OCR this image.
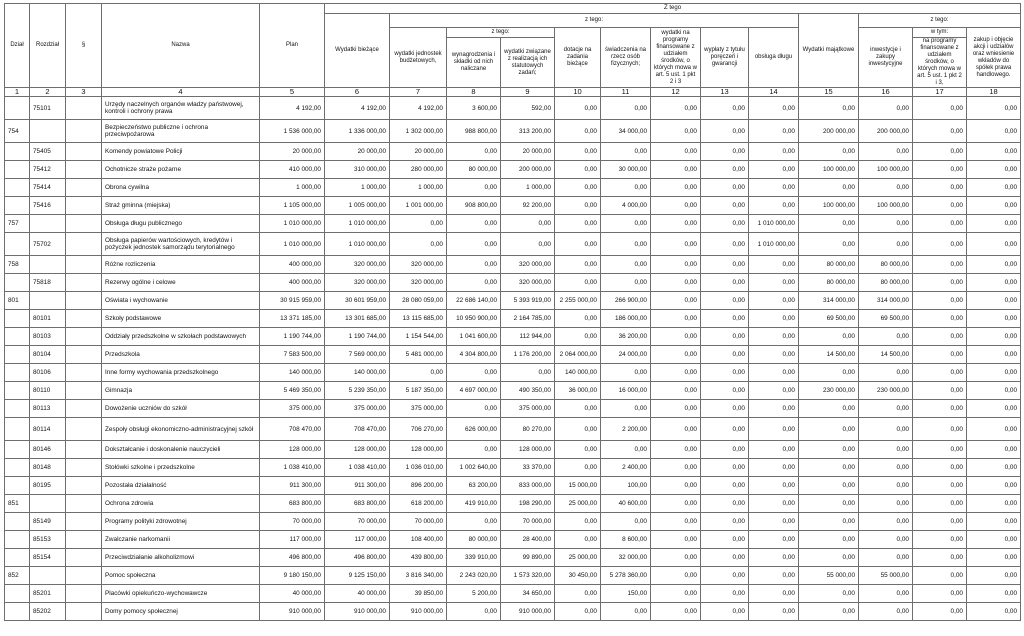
Dział	Rozdział	§	Nazwa	Plan	Z tego												
					Wydatki bieżące	z tego:								Wydatki majątkowe	z tego:		
						wydatki jednostek budżetowych,	z tego:		dotacje na zadania bieżące	świadczenia na rzecz osób fizycznych;	wydatki na programy finansowane z udziałem środków, o których mowa w art. 5 ust. 1 pkt 2 i 3	wypłaty z tytułu poręczeń i gwarancji	obsługa długu		inwestycje i zakupy inwestycyjne	w tym:	zakup i objęcie akcji i udziałów oraz wniesienie wkładów do spółek prawa handlowego.
							wynagrodzenia i składki od nich naliczane	wydatki związane z realizacją ich statutowych zadań;								na programy finansowane z udziałem środków, o których mowa w art. 5 ust. 1 pkt 2 i 3,	

1	2	3	4	5	6	7	8	9	10	11	12	13	14	15	16	17	18
	75101		Urzędy naczelnych organów władzy państwowej, kontroli i ochrony prawa	4 192,00	4 192,00	4 192,00	3 600,00	592,00	0,00	0,00	0,00	0,00	0,00	0,00	0,00	0,00	0,00
754			Bezpieczeństwo publiczne i ochrona przeciwpożarowa	1 536 000,00	1 336 000,00	1 302 000,00	988 800,00	313 200,00	0,00	34 000,00	0,00	0,00	0,00	200 000,00	200 000,00	0,00	0,00
	75405		Komendy powiatowe Policji	20 000,00	20 000,00	20 000,00	0,00	20 000,00	0,00	0,00	0,00	0,00	0,00	0,00	0,00	0,00	0,00
	75412		Ochotnicze straże pożarne	410 000,00	310 000,00	280 000,00	80 000,00	200 000,00	0,00	30 000,00	0,00	0,00	0,00	100 000,00	100 000,00	0,00	0,00
	75414		Obrona cywilna	1 000,00	1 000,00	1 000,00	0,00	1 000,00	0,00	0,00	0,00	0,00	0,00	0,00	0,00	0,00	0,00
	75416		Straż gminna (miejska)	1 105 000,00	1 005 000,00	1 001 000,00	908 800,00	92 200,00	0,00	4 000,00	0,00	0,00	0,00	100 000,00	100 000,00	0,00	0,00
757			Obsługa długu publicznego	1 010 000,00	1 010 000,00	0,00	0,00	0,00	0,00	0,00	0,00	0,00	1 010 000,00	0,00	0,00	0,00	0,00
	75702		Obsługa papierów wartościowych, kredytów i pożyczek jednostek samorządu terytorialnego	1 010 000,00	1 010 000,00	0,00	0,00	0,00	0,00	0,00	0,00	0,00	1 010 000,00	0,00	0,00	0,00	0,00
758			Różne rozliczenia	400 000,00	320 000,00	320 000,00	0,00	320 000,00	0,00	0,00	0,00	0,00	0,00	80 000,00	80 000,00	0,00	0,00
	75818		Rezerwy ogólne i celowe	400 000,00	320 000,00	320 000,00	0,00	320 000,00	0,00	0,00	0,00	0,00	0,00	80 000,00	80 000,00	0,00	0,00
801			Oświata i wychowanie	30 915 959,00	30 601 959,00	28 080 059,00	22 686 140,00	5 393 919,00	2 255 000,00	266 900,00	0,00	0,00	0,00	314 000,00	314 000,00	0,00	0,00
	80101		Szkoły podstawowe	13 371 185,00	13 301 685,00	13 115 685,00	10 950 900,00	2 164 785,00	0,00	186 000,00	0,00	0,00	0,00	69 500,00	69 500,00	0,00	0,00
	80103		Oddziały przedszkolne w szkołach podstawowych	1 190 744,00	1 190 744,00	1 154 544,00	1 041 600,00	112 944,00	0,00	36 200,00	0,00	0,00	0,00	0,00	0,00	0,00	0,00
	80104		Przedszkola	7 583 500,00	7 569 000,00	5 481 000,00	4 304 800,00	1 176 200,00	2 064 000,00	24 000,00	0,00	0,00	0,00	14 500,00	14 500,00	0,00	0,00
	80106		Inne formy wychowania przedszkolnego	140 000,00	140 000,00	0,00	0,00	0,00	140 000,00	0,00	0,00	0,00	0,00	0,00	0,00	0,00	0,00
	80110		Gimnazja	5 469 350,00	5 239 350,00	5 187 350,00	4 697 000,00	490 350,00	36 000,00	16 000,00	0,00	0,00	0,00	230 000,00	230 000,00	0,00	0,00
	80113		Dowożenie uczniów do szkół	375 000,00	375 000,00	375 000,00	0,00	375 000,00	0,00	0,00	0,00	0,00	0,00	0,00	0,00	0,00	0,00
	80114		Zespoły obsługi ekonomiczno-administracyjnej szkół	708 470,00	708 470,00	706 270,00	626 000,00	80 270,00	0,00	2 200,00	0,00	0,00	0,00	0,00	0,00	0,00	0,00
	80146		Dokształcanie i doskonalenie nauczycieli	128 000,00	128 000,00	128 000,00	0,00	128 000,00	0,00	0,00	0,00	0,00	0,00	0,00	0,00	0,00	0,00
	80148		Stołówki szkolne i przedszkolne	1 038 410,00	1 038 410,00	1 036 010,00	1 002 640,00	33 370,00	0,00	2 400,00	0,00	0,00	0,00	0,00	0,00	0,00	0,00
	80195		Pozostała działalność	911 300,00	911 300,00	896 200,00	63 200,00	833 000,00	15 000,00	100,00	0,00	0,00	0,00	0,00	0,00	0,00	0,00
851			Ochrona zdrowia	683 800,00	683 800,00	618 200,00	419 910,00	198 290,00	25 000,00	40 600,00	0,00	0,00	0,00	0,00	0,00	0,00	0,00
	85149		Programy polityki zdrowotnej	70 000,00	70 000,00	70 000,00	0,00	70 000,00	0,00	0,00	0,00	0,00	0,00	0,00	0,00	0,00	0,00
	85153		Zwalczanie narkomanii	117 000,00	117 000,00	108 400,00	80 000,00	28 400,00	0,00	8 600,00	0,00	0,00	0,00	0,00	0,00	0,00	0,00
	85154		Przeciwdziałanie alkoholizmowi	496 800,00	496 800,00	439 800,00	339 910,00	99 890,00	25 000,00	32 000,00	0,00	0,00	0,00	0,00	0,00	0,00	0,00
852			Pomoc społeczna	9 180 150,00	9 125 150,00	3 816 340,00	2 243 020,00	1 573 320,00	30 450,00	5 278 360,00	0,00	0,00	0,00	55 000,00	55 000,00	0,00	0,00
	85201		Placówki opiekuńczo-wychowawcze	40 000,00	40 000,00	39 850,00	5 200,00	34 650,00	0,00	150,00	0,00	0,00	0,00	0,00	0,00	0,00	0,00
	85202		Domy pomocy społecznej	910 000,00	910 000,00	910 000,00	0,00	910 000,00	0,00	0,00	0,00	0,00	0,00	0,00	0,00	0,00	0,00
